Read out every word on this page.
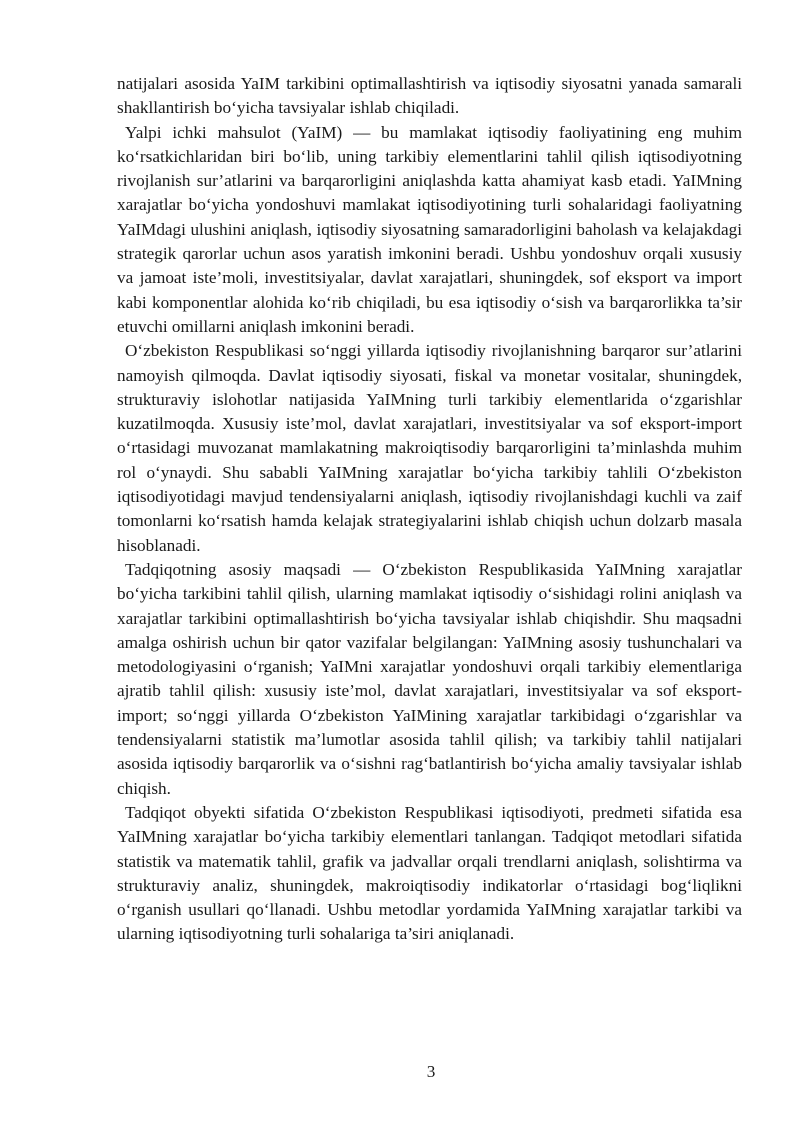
natijalari asosida YaIM tarkibini optimallashtirish va iqtisodiy siyosatni yanada samarali shakllantirish bo‘yicha tavsiyalar ishlab chiqiladi.

Yalpi ichki mahsulot (YaIM) — bu mamlakat iqtisodiy faoliyatining eng muhim ko‘rsatkichlaridan biri bo‘lib, uning tarkibiy elementlarini tahlil qilish iqtisodiyotning rivojlanish sur’atlarini va barqarorligini aniqlashda katta ahamiyat kasb etadi. YaIMning xarajatlar bo‘yicha yondoshuvi mamlakat iqtisodiyotining turli sohalaridagi faoliyatning YaIMdagi ulushini aniqlash, iqtisodiy siyosatning samaradorligini baholash va kelajakdagi strategik qarorlar uchun asos yaratish imkonini beradi. Ushbu yondoshuv orqali xususiy va jamoat iste’moli, investitsiyalar, davlat xarajatlari, shuningdek, sof eksport va import kabi komponentlar alohida ko‘rib chiqiladi, bu esa iqtisodiy o‘sish va barqarorlikka ta’sir etuvchi omillarni aniqlash imkonini beradi.

O‘zbekiston Respublikasi so‘nggi yillarda iqtisodiy rivojlanishning barqaror sur’atlarini namoyish qilmoqda. Davlat iqtisodiy siyosati, fiskal va monetar vositalar, shuningdek, strukturaviy islohotlar natijasida YaIMning turli tarkibiy elementlarida o‘zgarishlar kuzatilmoqda. Xususiy iste’mol, davlat xarajatlari, investitsiyalar va sof eksport-import o‘rtasidagi muvozanat mamlakatning makroiqtisodiy barqarorligini ta’minlashda muhim rol o‘ynaydi. Shu sababli YaIMning xarajatlar bo‘yicha tarkibiy tahlili O‘zbekiston iqtisodiyotidagi mavjud tendensiyalarni aniqlash, iqtisodiy rivojlanishdagi kuchli va zaif tomonlarni ko‘rsatish hamda kelajak strategiyalarini ishlab chiqish uchun dolzarb masala hisoblanadi.

Tadqiqotning asosiy maqsadi — O‘zbekiston Respublikasida YaIMning xarajatlar bo‘yicha tarkibini tahlil qilish, ularning mamlakat iqtisodiy o‘sishidagi rolini aniqlash va xarajatlar tarkibini optimallashtirish bo‘yicha tavsiyalar ishlab chiqishdir. Shu maqsadni amalga oshirish uchun bir qator vazifalar belgilangan: YaIMning asosiy tushunchalari va metodologiyasini o‘rganish; YaIMni xarajatlar yondoshuvi orqali tarkibiy elementlariga ajratib tahlil qilish: xususiy iste’mol, davlat xarajatlari, investitsiyalar va sof eksport-import; so‘nggi yillarda O‘zbekiston YaIMining xarajatlar tarkibidagi o‘zgarishlar va tendensiyalarni statistik ma’lumotlar asosida tahlil qilish; va tarkibiy tahlil natijalari asosida iqtisodiy barqarorlik va o‘sishni rag‘batlantirish bo‘yicha amaliy tavsiyalar ishlab chiqish.

Tadqiqot obyekti sifatida O‘zbekiston Respublikasi iqtisodiyoti, predmeti sifatida esa YaIMning xarajatlar bo‘yicha tarkibiy elementlari tanlangan. Tadqiqot metodlari sifatida statistik va matematik tahlil, grafik va jadvallar orqali trendlarni aniqlash, solishtirma va strukturaviy analiz, shuningdek, makroiqtisodiy indikatorlar o‘rtasidagi bog‘liqlikni o‘rganish usullari qo‘llanadi. Ushbu metodlar yordamida YaIMning xarajatlar tarkibi va ularning iqtisodiyotning turli sohalariga ta’siri aniqlanadi.

3
